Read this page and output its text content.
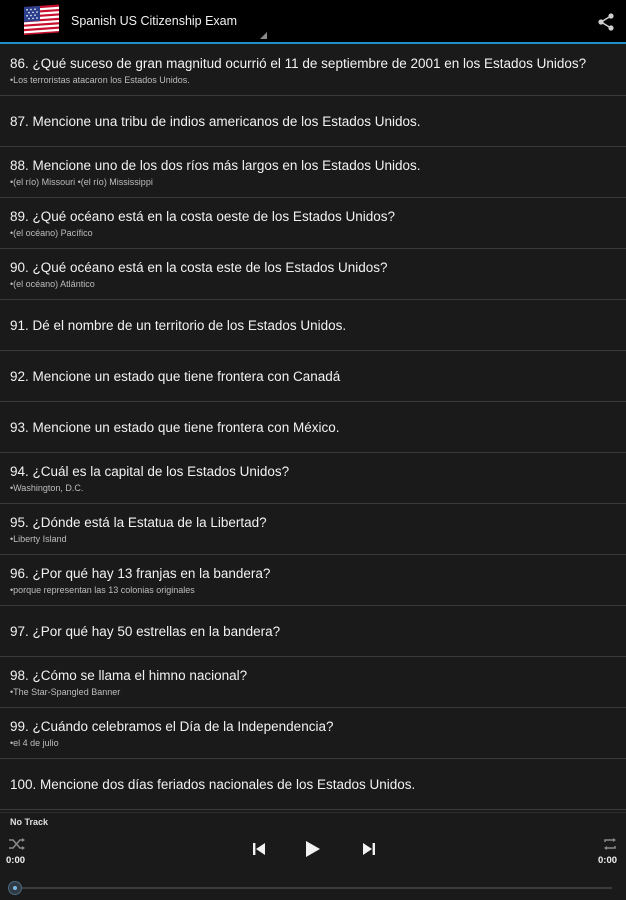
Spanish US Citizenship Exam
86. ¿Qué suceso de gran magnitud ocurrió el 11 de septiembre de 2001 en los Estados Unidos?
•Los terroristas atacaron los Estados Unidos.
87. Mencione una tribu de indios americanos de los Estados Unidos.
88. Mencione uno de los dos ríos más largos en los Estados Unidos.
•(el río) Missouri •(el río) Mississippi
89. ¿Qué océano está en la costa oeste de los Estados Unidos?
•(el océano) Pacífico
90. ¿Qué océano está en la costa este de los Estados Unidos?
•(el océano) Atlántico
91. Dé el nombre de un territorio de los Estados Unidos.
92. Mencione un estado que tiene frontera con Canadá
93. Mencione un estado que tiene frontera con México.
94. ¿Cuál es la capital de los Estados Unidos?
•Washington, D.C.
95. ¿Dónde está la Estatua de la Libertad?
•Liberty Island
96. ¿Por qué hay 13 franjas en la bandera?
•porque representan las 13 colonias originales
97. ¿Por qué hay 50 estrellas en la bandera?
98. ¿Cómo se llama el himno nacional?
•The Star-Spangled Banner
99. ¿Cuándo celebramos el Día de la Independencia?
•el 4 de julio
100. Mencione dos días feriados nacionales de los Estados Unidos.
No Track
0:00	0:00
